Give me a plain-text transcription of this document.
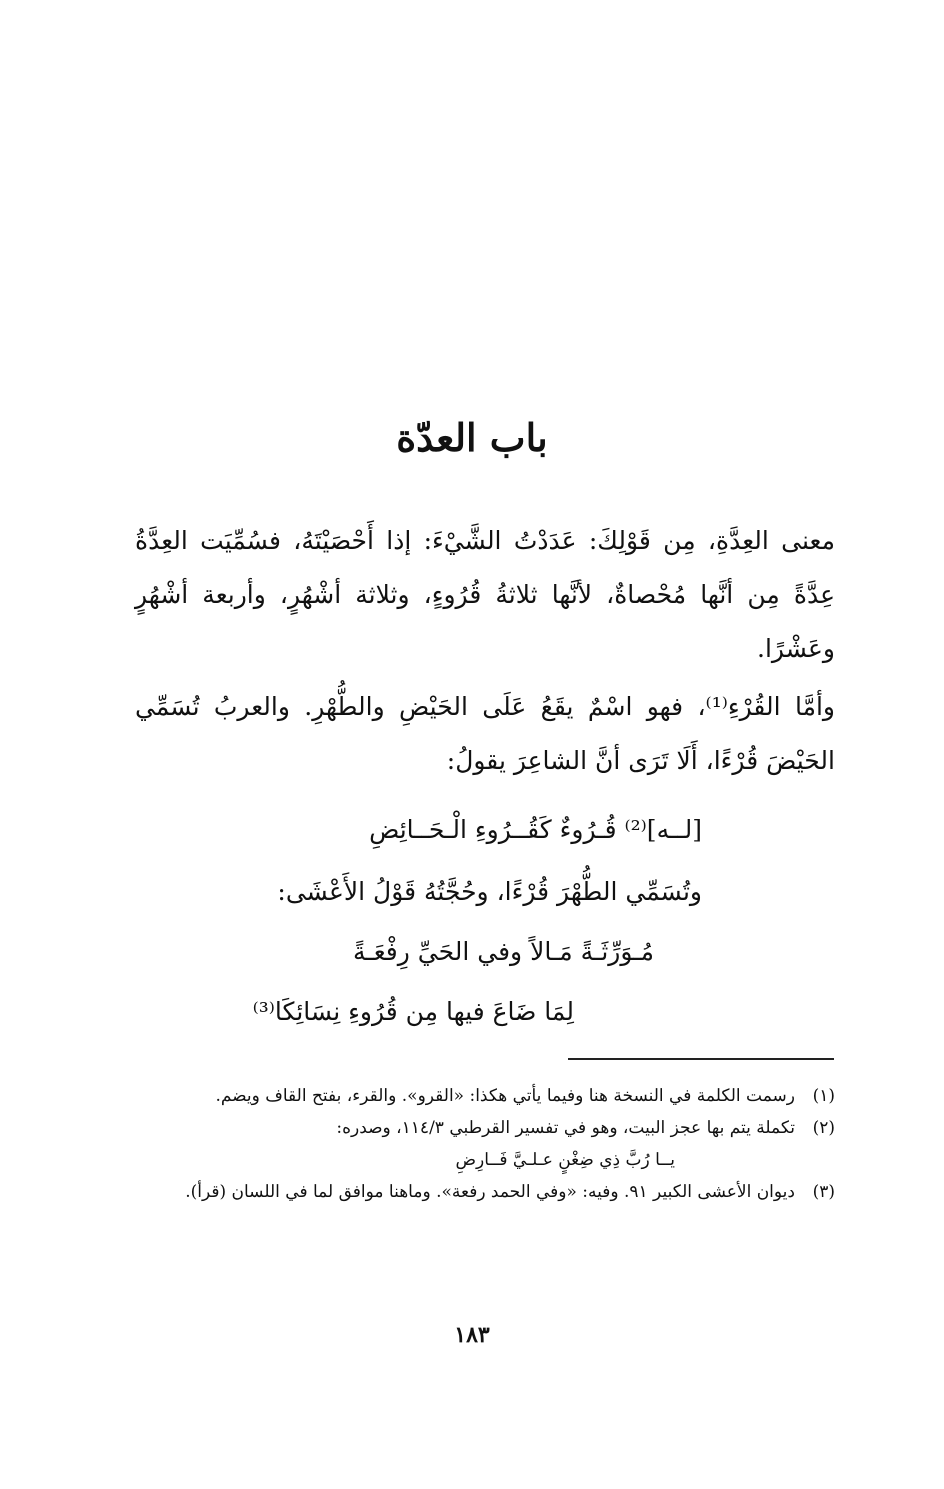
باب العدّة
معنى العِدَّةِ، مِن قَوْلِكَ: عَدَدْتُ الشَّيْءَ: إذا أَحْصَيْتَهُ، فسُمِّيَت العِدَّةُ عِدَّةً مِن أنَّها مُحْصاةٌ، لأنَّها ثلاثةُ قُرُوءٍ، وثلاثة أشْهُرٍ، وأربعة أشْهُرٍ وعَشْرًا.
وأمَّا القُرْءِ⁽¹⁾، فهو اسْمٌ يقَعُ عَلَى الحَيْضِ والطُّهْرِ. والعربُ تُسَمِّي الحَيْضَ قُرْءًا، أَلَا تَرَى أنَّ الشاعِرَ يقولُ:
[لــه]⁽²⁾ قُـرُوءٌ كَقُــرُوءِ الْـحَــائِضِ
وتُسَمِّي الطُّهْرَ قُرْءًا، وحُجَّتُهُ قَوْلُ الأَعْشَى:
مُـوَرِّثَـةً مَـالاً وفي الحَيِّ رِفْعَـةً
لِمَا ضَاعَ فيها مِن قُرُوءِ نِسَائِكَا⁽³⁾
(١)
رسمت الكلمة في النسخة هنا وفيما يأتي هكذا: «القرو». والقرء، بفتح القاف ويضم.
(٢)
تكملة يتم بها عجز البيت، وهو في تفسير القرطبي ١١٤/٣، وصدره:
يــا رُبَّ ذِي ضِغْنٍ عـلـيَّ فَــارِضِ
(٣)
ديوان الأعشى الكبير ٩١. وفيه: «وفي الحمد رفعة». وماهنا موافق لما في اللسان (قرأ).
١٨٣
